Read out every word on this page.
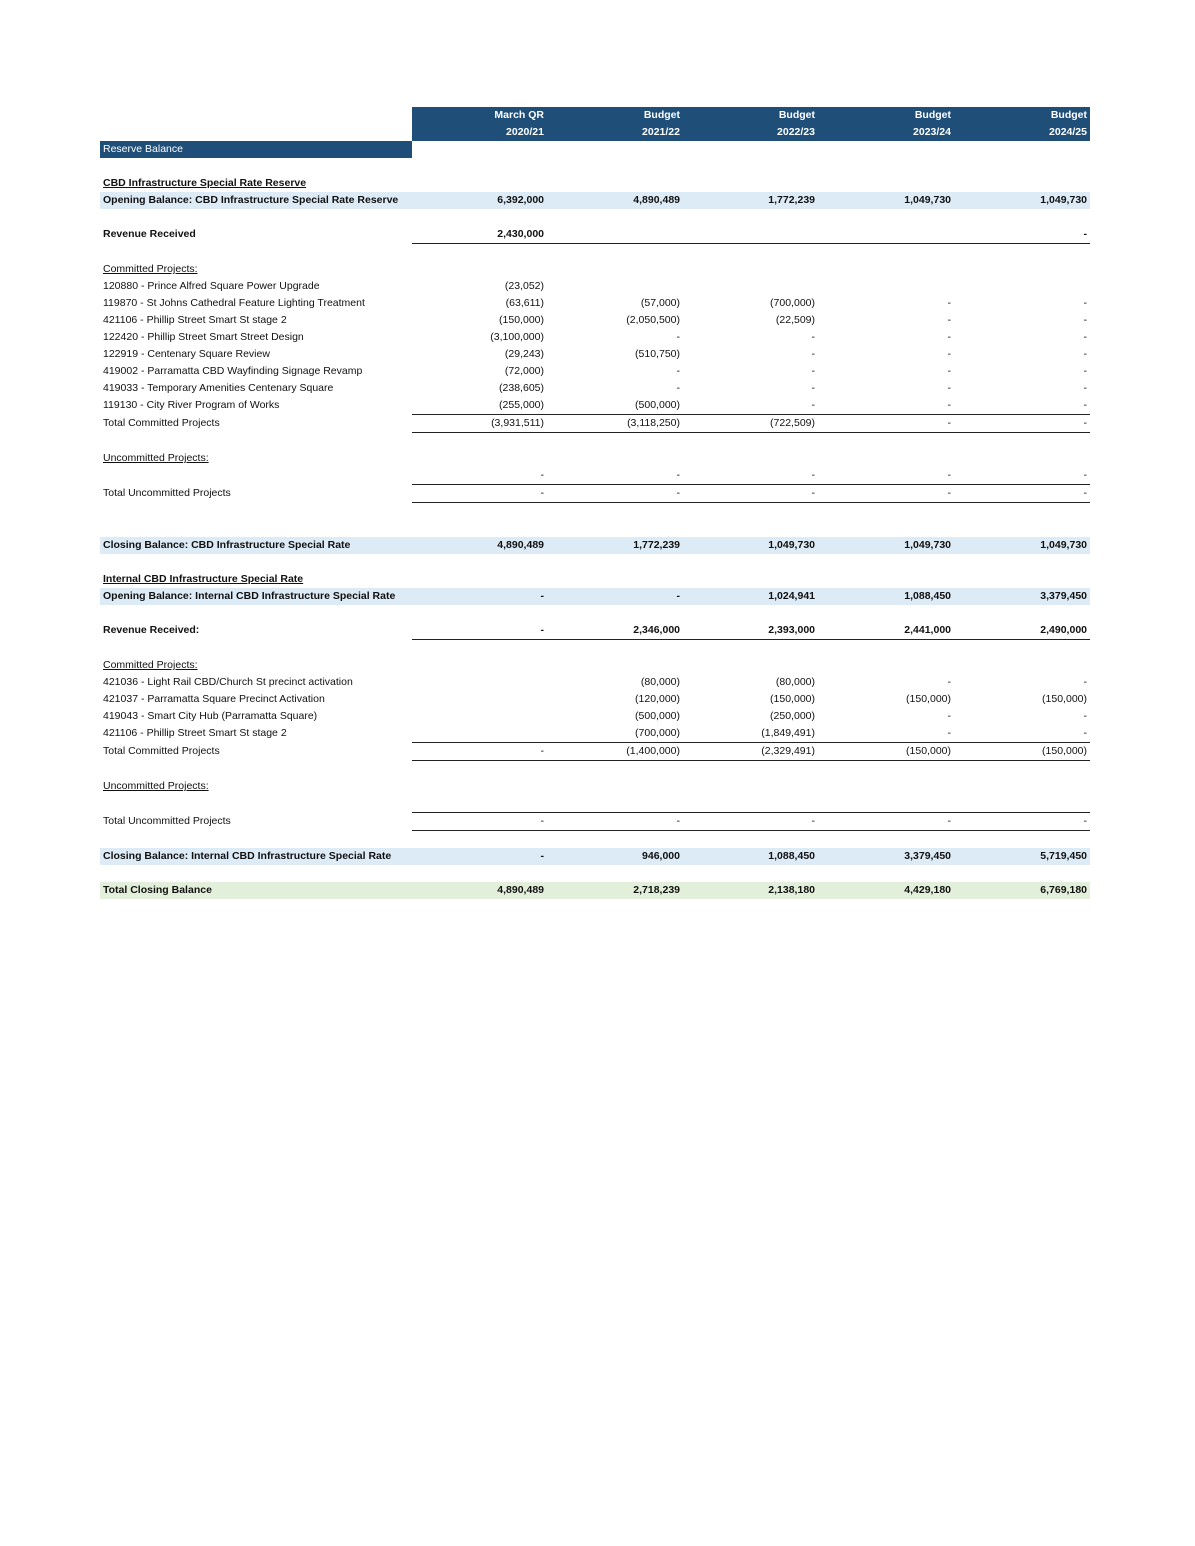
	March QR	Budget	Budget	Budget	Budget
	2020/21	2021/22	2022/23	2023/24	2024/25
Reserve Balance					

CBD Infrastructure Special Rate Reserve					
Opening Balance: CBD Infrastructure Special Rate Reserve	6,392,000	4,890,489	1,772,239	1,049,730	1,049,730

Revenue Received	2,430,000				-

Committed Projects:					
120880 - Prince Alfred Square Power Upgrade	(23,052)				
119870 - St Johns Cathedral Feature Lighting Treatment	(63,611)	(57,000)	(700,000)	-	-
421106 - Phillip Street Smart St stage 2	(150,000)	(2,050,500)	(22,509)	-	-
122420 - Phillip Street Smart Street Design	(3,100,000)	-	-	-	-
122919 - Centenary Square Review	(29,243)	(510,750)	-	-	-
419002 - Parramatta CBD Wayfinding Signage Revamp	(72,000)	-	-	-	-
419033 - Temporary Amenities Centenary Square	(238,605)	-	-	-	-
119130 - City River Program of Works	(255,000)	(500,000)	-	-	-
Total Committed Projects	(3,931,511)	(3,118,250)	(722,509)	-	-

Uncommitted Projects:					
	-	-	-	-	-
Total Uncommitted Projects	-	-	-	-	-

Closing Balance: CBD Infrastructure Special Rate	4,890,489	1,772,239	1,049,730	1,049,730	1,049,730

Internal CBD Infrastructure Special Rate					
Opening Balance: Internal CBD Infrastructure Special Rate	-	-	1,024,941	1,088,450	3,379,450

Revenue Received:	-	2,346,000	2,393,000	2,441,000	2,490,000

Committed Projects:					
421036 - Light Rail CBD/Church St precinct activation		(80,000)	(80,000)	-	-
421037 - Parramatta Square Precinct Activation		(120,000)	(150,000)	(150,000)	(150,000)
419043 - Smart City Hub (Parramatta Square)		(500,000)	(250,000)	-	-
421106 - Phillip Street Smart St stage 2		(700,000)	(1,849,491)	-	-
Total Committed Projects	-	(1,400,000)	(2,329,491)	(150,000)	(150,000)

Uncommitted Projects:					

Total Uncommitted Projects	-	-	-	-	-

Closing Balance: Internal CBD Infrastructure Special Rate	-	946,000	1,088,450	3,379,450	5,719,450

Total Closing Balance	4,890,489	2,718,239	2,138,180	4,429,180	6,769,180
